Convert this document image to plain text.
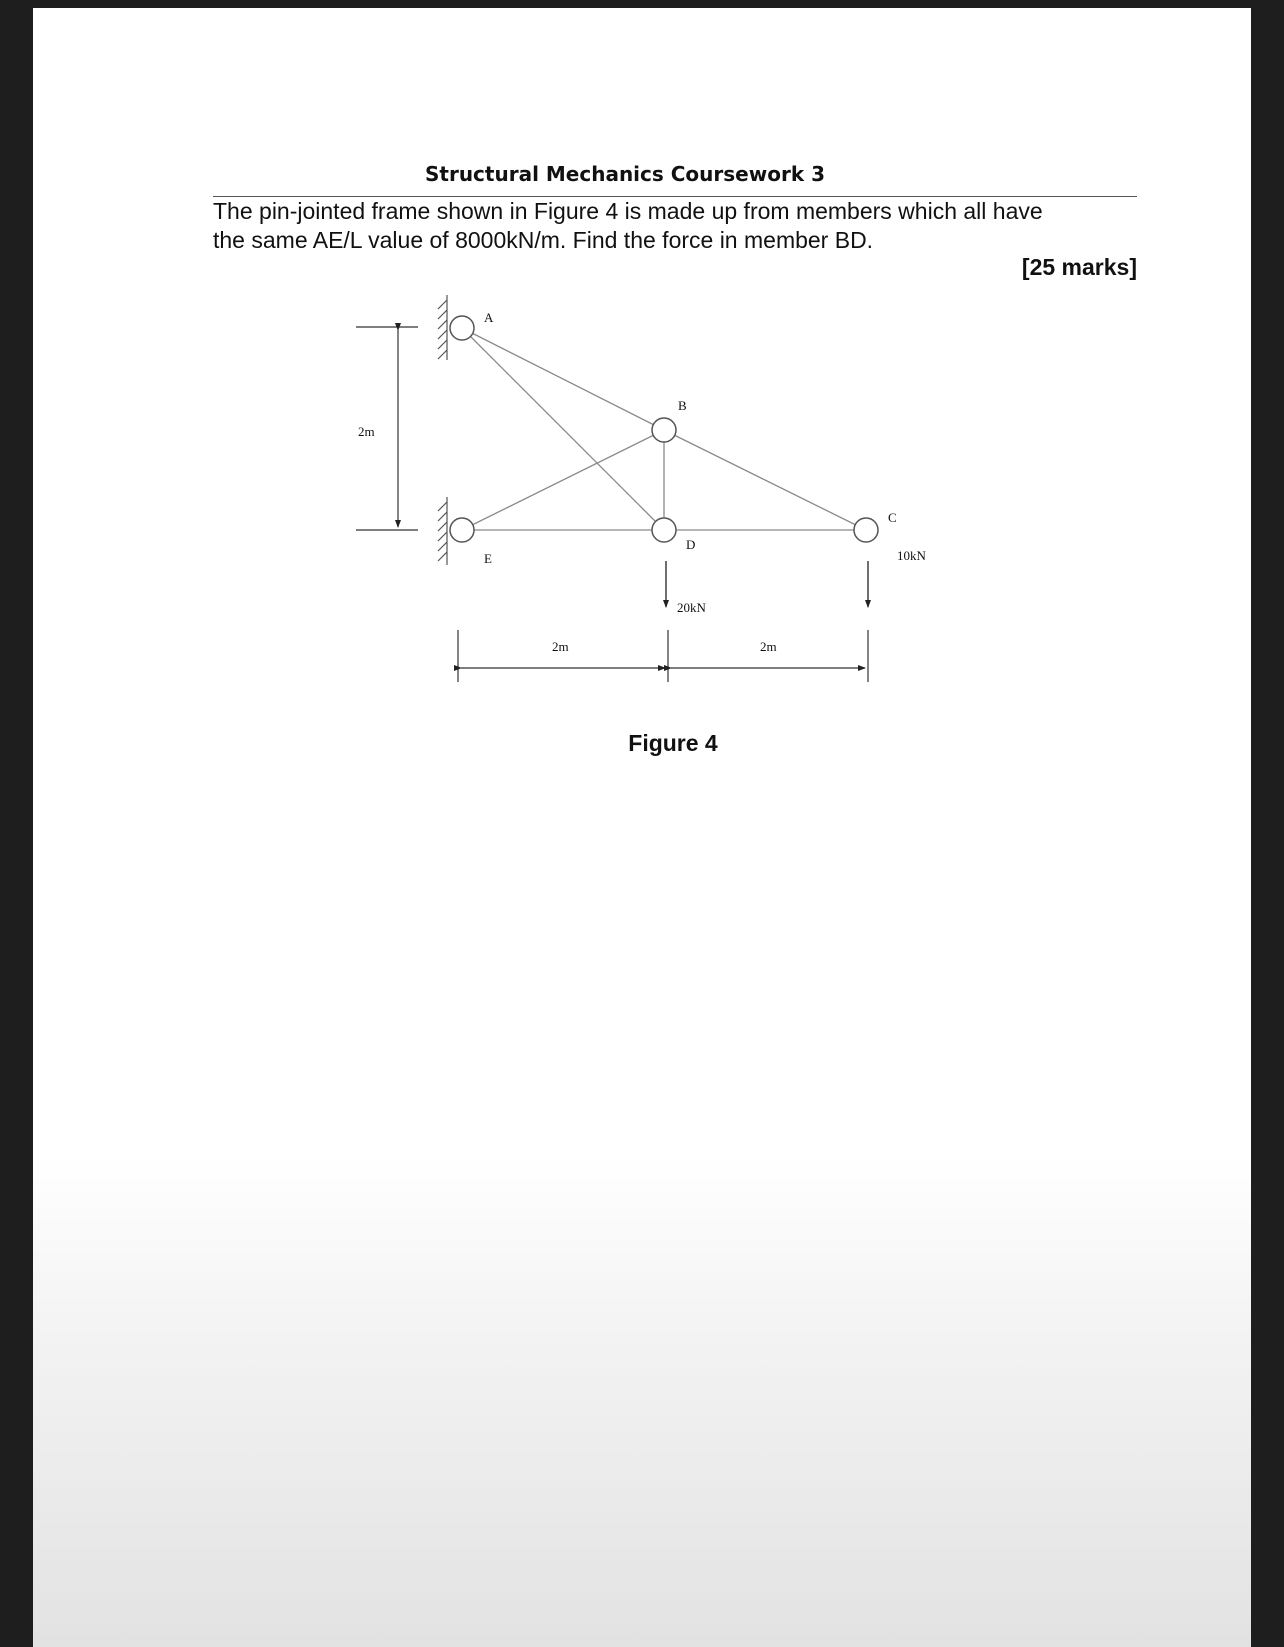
Structural Mechanics Coursework 3

The pin-jointed frame shown in Figure 4 is made up from members which all have
the same AE/L value of 8000kN/m. Find the force in member BD.

[25 marks]
Figure 4
A
B
C
D
E
20kN
10kN
2m
2m	2m
